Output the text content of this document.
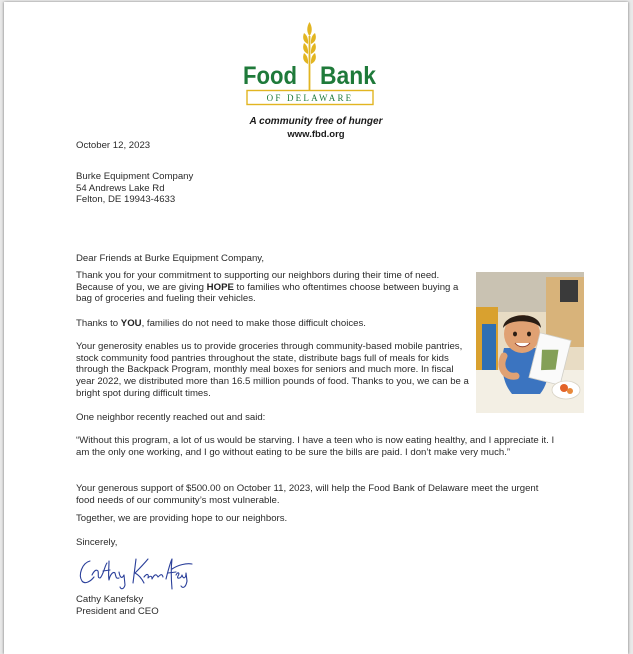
Food Bank
OF DELAWARE
A community free of hunger
www.fbd.org
October 12, 2023
Burke Equipment Company
54 Andrews Lake Rd
Felton, DE 19943-4633
Dear Friends at Burke Equipment Company,
Thank you for your commitment to supporting our neighbors during their time of need. Because of you, we are giving HOPE to families who oftentimes choose between buying a bag of groceries and fueling their vehicles.
Thanks to YOU, families do not need to make those difficult choices.
Your generosity enables us to provide groceries through community-based mobile pantries, stock community food pantries throughout the state, distribute bags full of meals for kids through the Backpack Program, monthly meal boxes for seniors and much more. In fiscal year 2022, we distributed more than 16.5 million pounds of food. Thanks to you, we can be a bright spot during difficult times.
One neighbor recently reached out and said:
“Without this program, a lot of us would be starving. I have a teen who is now eating healthy, and I appreciate it. I am the only one working, and I go without eating to be sure the bills are paid. I don’t make very much.”
Your generous support of $500.00 on October 11, 2023, will help the Food Bank of Delaware meet the urgent food needs of our community’s most vulnerable.
Together, we are providing hope to our neighbors.
Sincerely,
Cathy Kanefsky
President and CEO
